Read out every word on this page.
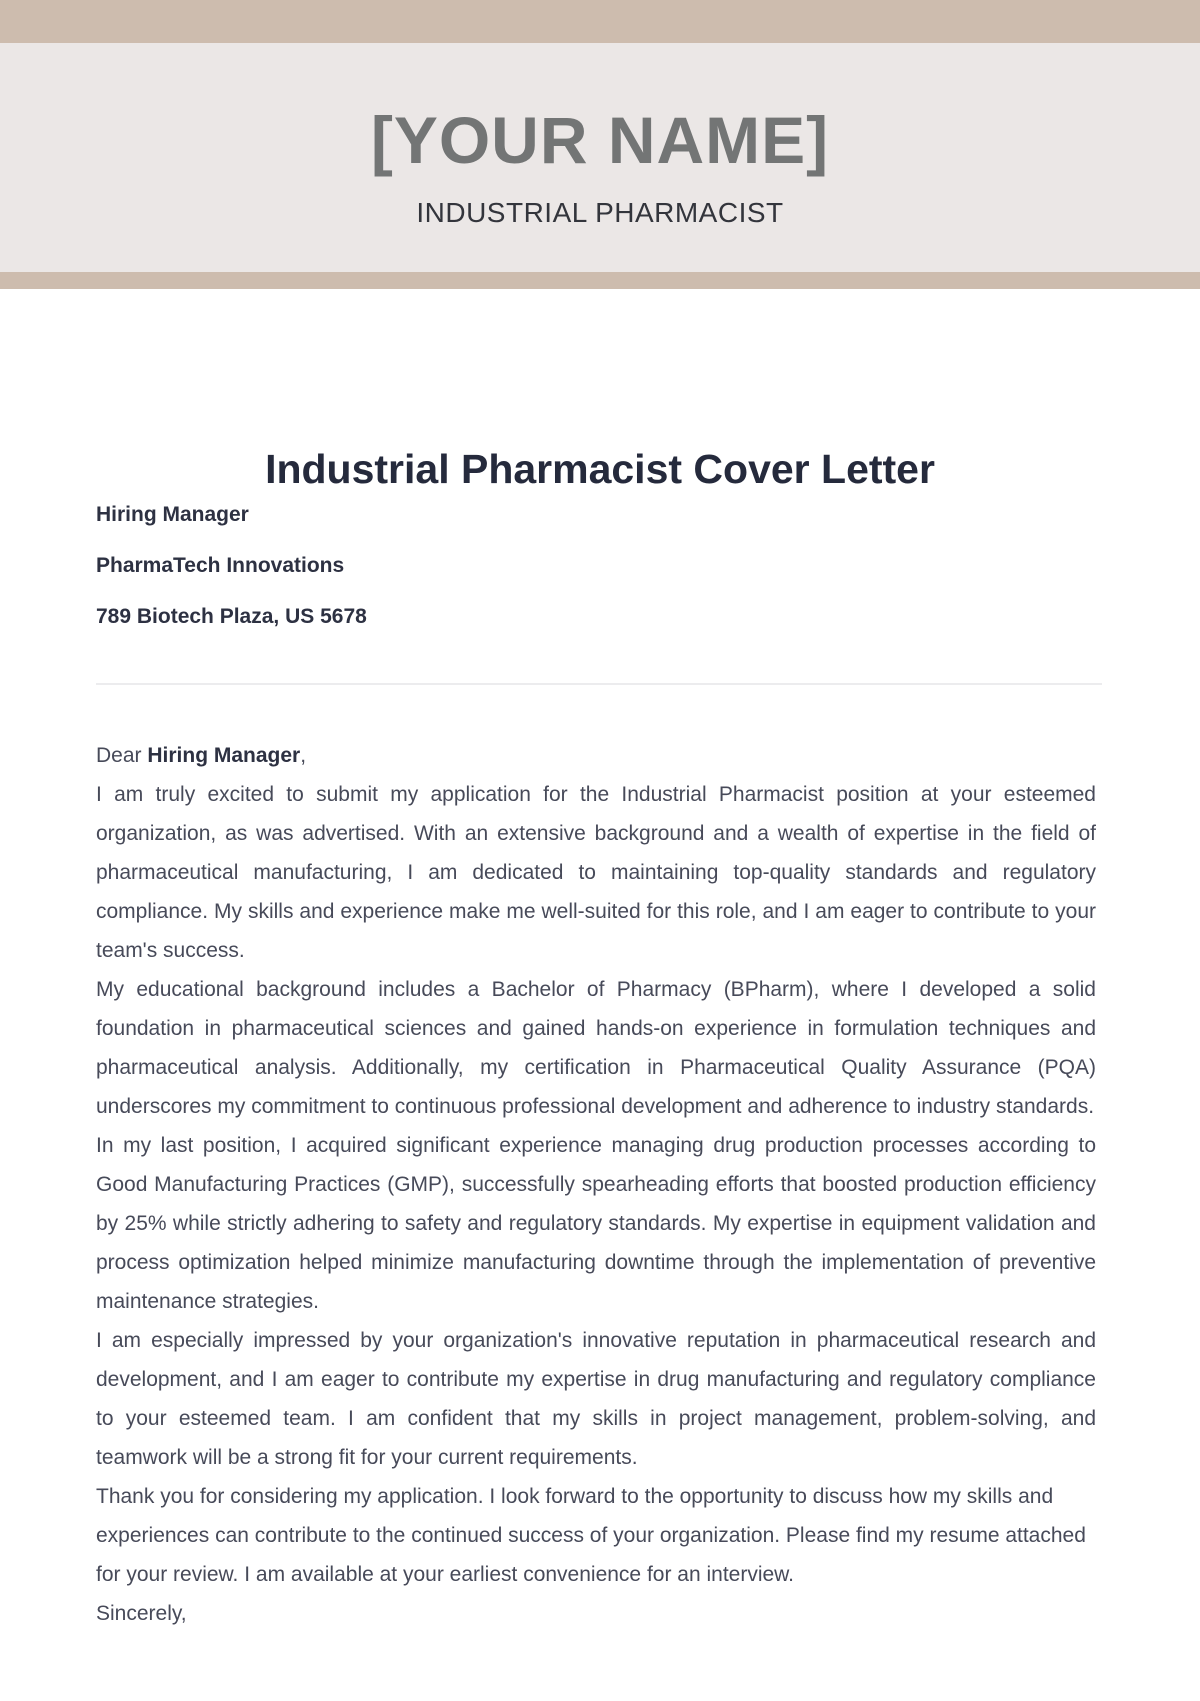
[YOUR NAME]
INDUSTRIAL PHARMACIST
Industrial Pharmacist Cover Letter
Hiring Manager
PharmaTech Innovations
789 Biotech Plaza, US 5678

Dear Hiring Manager,

I am truly excited to submit my application for the Industrial Pharmacist position at your esteemed organization, as was advertised. With an extensive background and a wealth of expertise in the field of pharmaceutical manufacturing, I am dedicated to maintaining top-quality standards and regulatory compliance. My skills and experience make me well-suited for this role, and I am eager to contribute to your team's success.

My educational background includes a Bachelor of Pharmacy (BPharm), where I developed a solid foundation in pharmaceutical sciences and gained hands-on experience in formulation techniques and pharmaceutical analysis. Additionally, my certification in Pharmaceutical Quality Assurance (PQA) underscores my commitment to continuous professional development and adherence to industry standards.

In my last position, I acquired significant experience managing drug production processes according to Good Manufacturing Practices (GMP), successfully spearheading efforts that boosted production efficiency by 25% while strictly adhering to safety and regulatory standards. My expertise in equipment validation and process optimization helped minimize manufacturing downtime through the implementation of preventive maintenance strategies.

I am especially impressed by your organization's innovative reputation in pharmaceutical research and development, and I am eager to contribute my expertise in drug manufacturing and regulatory compliance to your esteemed team. I am confident that my skills in project management, problem-solving, and teamwork will be a strong fit for your current requirements.

Thank you for considering my application. I look forward to the opportunity to discuss how my skills and experiences can contribute to the continued success of your organization. Please find my resume attached for your review. I am available at your earliest convenience for an interview.

Sincerely,
